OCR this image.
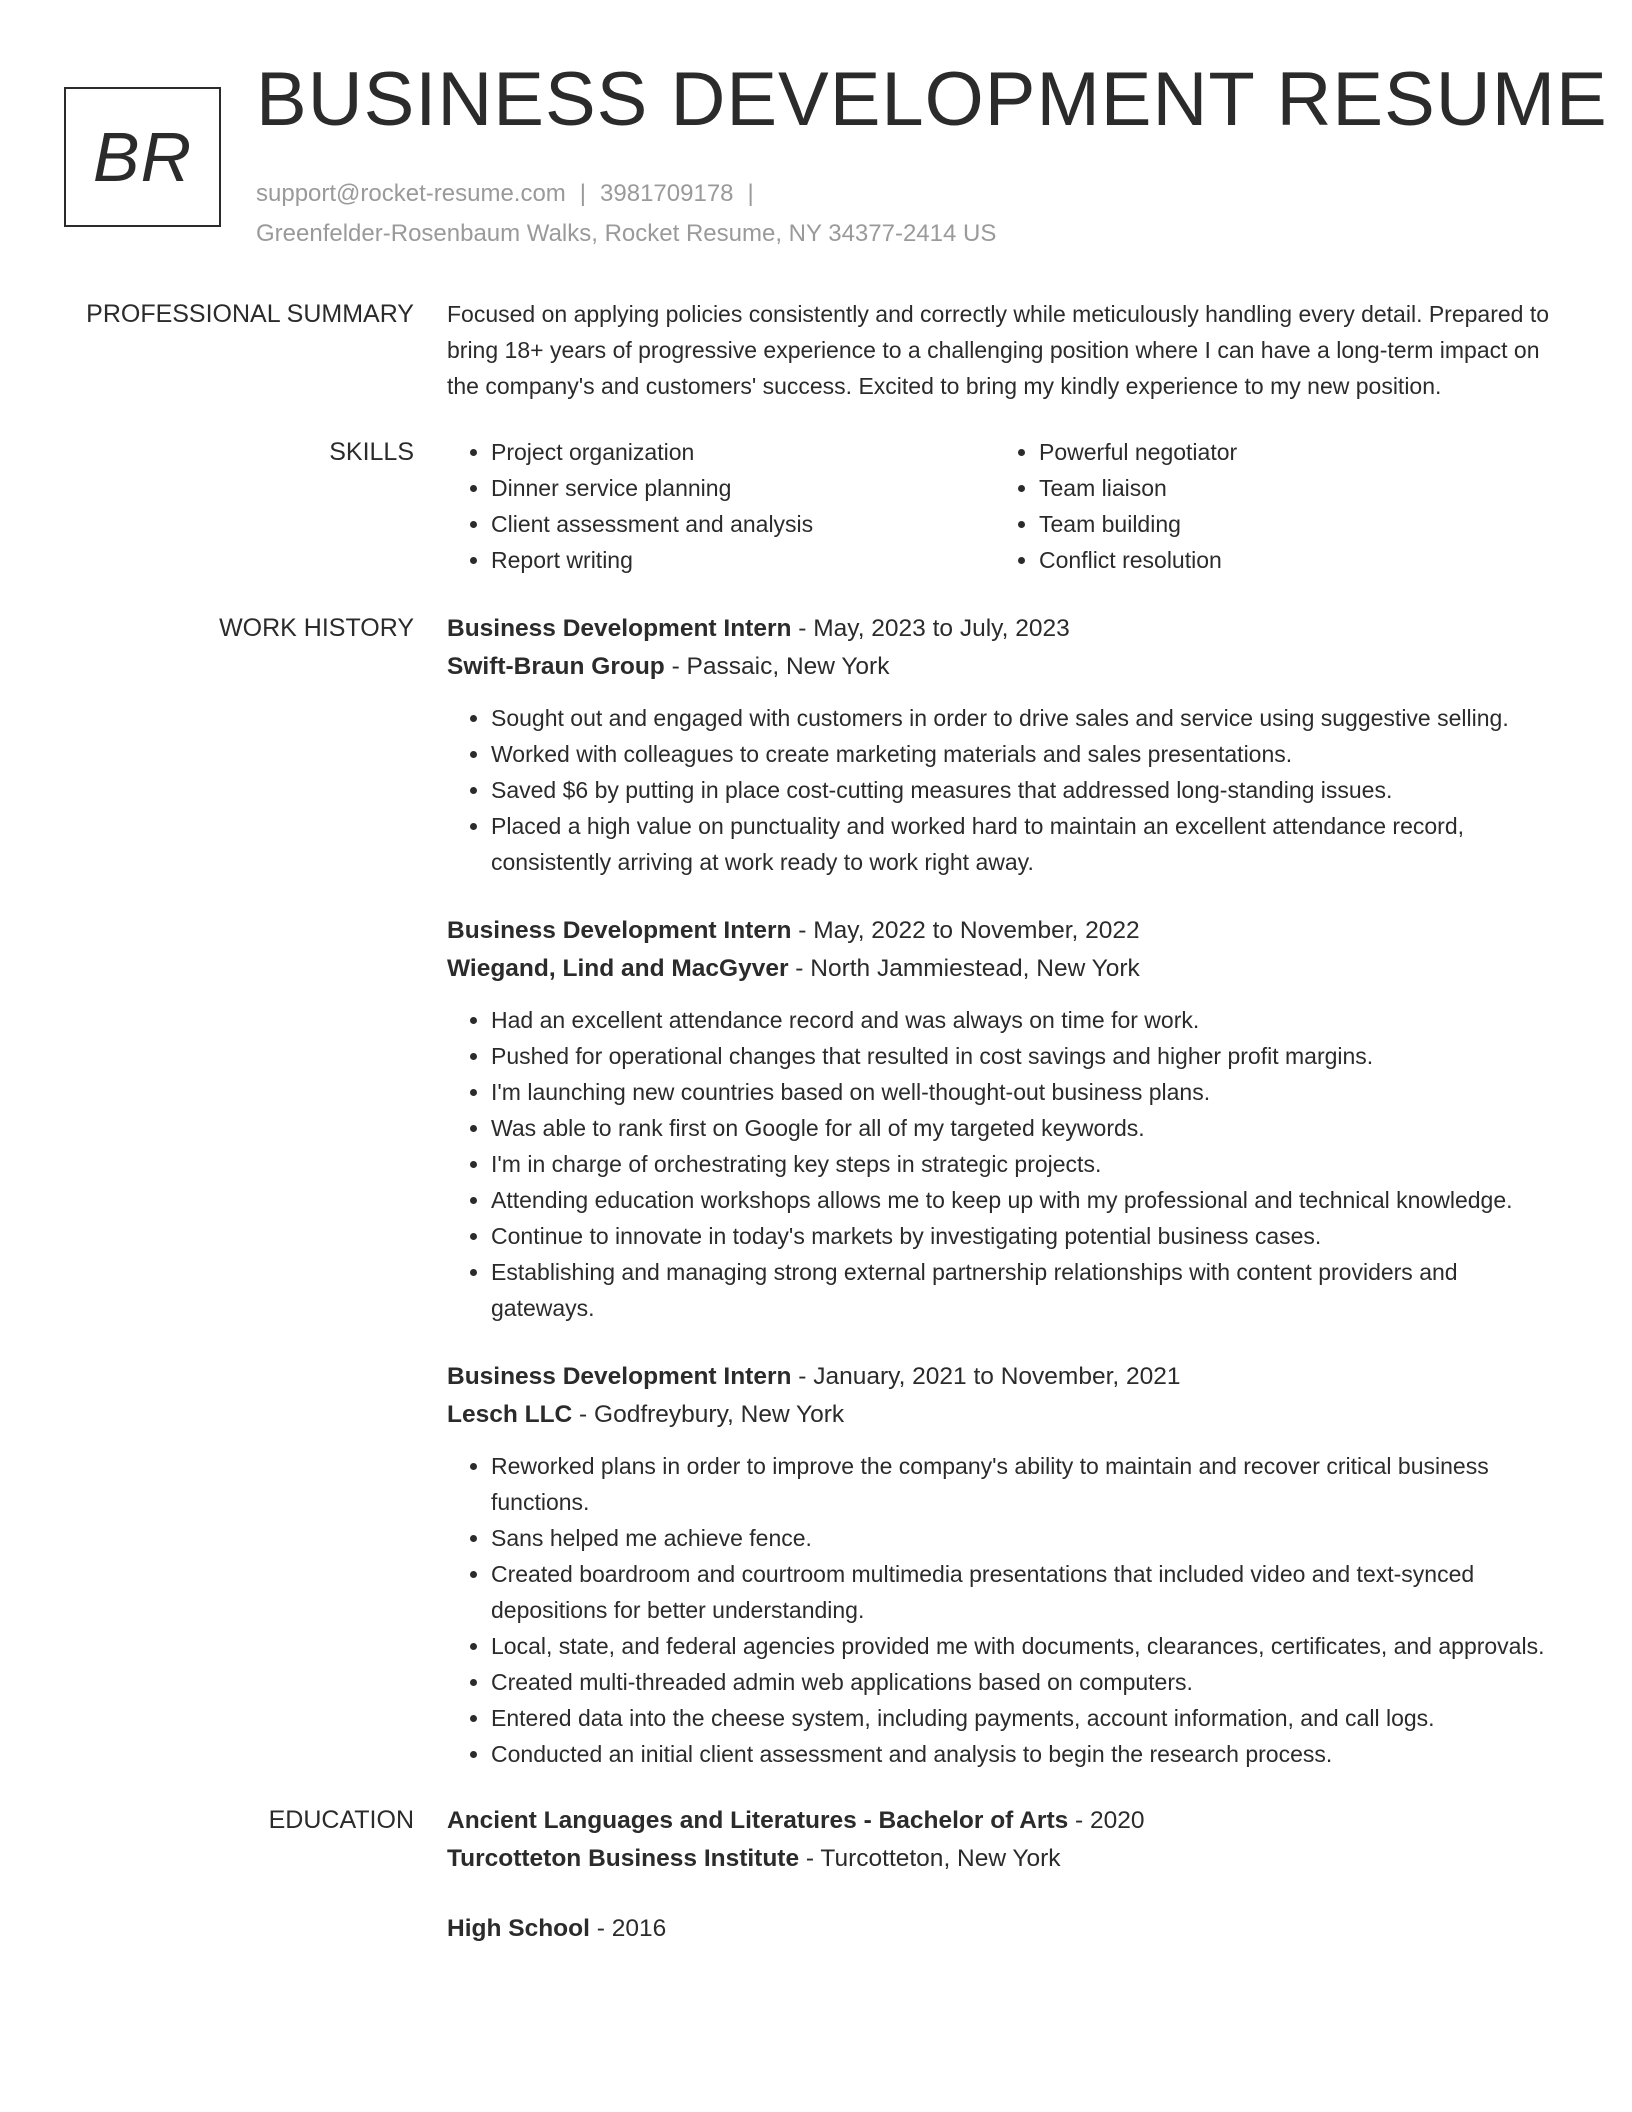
BR
BUSINESS DEVELOPMENT RESUME
support@rocket-resume.com | 3981709178 |
Greenfelder-Rosenbaum Walks, Rocket Resume, NY 34377-2414 US
PROFESSIONAL SUMMARY Focused on applying policies consistently and correctly while meticulously handling every detail. Prepared to bring 18+ years of progressive experience to a challenging position where I can have a long-term impact on the company's and customers' success. Excited to bring my kindly experience to my new position.

SKILLS
•	Project organization
• Dinner service planning
• Client assessment and analysis
• Report writing
• Powerful negotiator
• Team liaison
• Team building
• Conflict resolution
WORK HISTORY Business Development Intern - May, 2023 to July, 2023
Swift-Braun Group - Passaic, New York
• Sought out and engaged with customers in order to drive sales and service using suggestive selling.
• Worked with colleagues to create marketing materials and sales presentations.
• Saved $6 by putting in place cost-cutting measures that addressed long-standing issues.
• Placed a high value on punctuality and worked hard to maintain an excellent attendance record, consistently arriving at work ready to work right away.
Business Development Intern - May, 2022 to November, 2022
Wiegand, Lind and MacGyver - North Jammiestead, New York
• Had an excellent attendance record and was always on time for work.
• Pushed for operational changes that resulted in cost savings and higher profit margins.
• I'm launching new countries based on well-thought-out business plans.
• Was able to rank first on Google for all of my targeted keywords.
• I'm in charge of orchestrating key steps in strategic projects.
• Attending education workshops allows me to keep up with my professional and technical knowledge.
• Continue to innovate in today's markets by investigating potential business cases.
• Establishing and managing strong external partnership relationships with content providers and gateways.
Business Development Intern - January, 2021 to November, 2021
Lesch LLC - Godfreybury, New York
• Reworked plans in order to improve the company's ability to maintain and recover critical business functions.
• Sans helped me achieve fence.
• Created boardroom and courtroom multimedia presentations that included video and text-synced depositions for better understanding.
• Local, state, and federal agencies provided me with documents, clearances, certificates, and approvals.
• Created multi-threaded admin web applications based on computers.
• Entered data into the cheese system, including payments, account information, and call logs.
• Conducted an initial client assessment and analysis to begin the research process.
EDUCATION Ancient Languages and Literatures - Bachelor of Arts - 2020
Turcotteton Business Institute - Turcotteton, New York
High School - 2016
